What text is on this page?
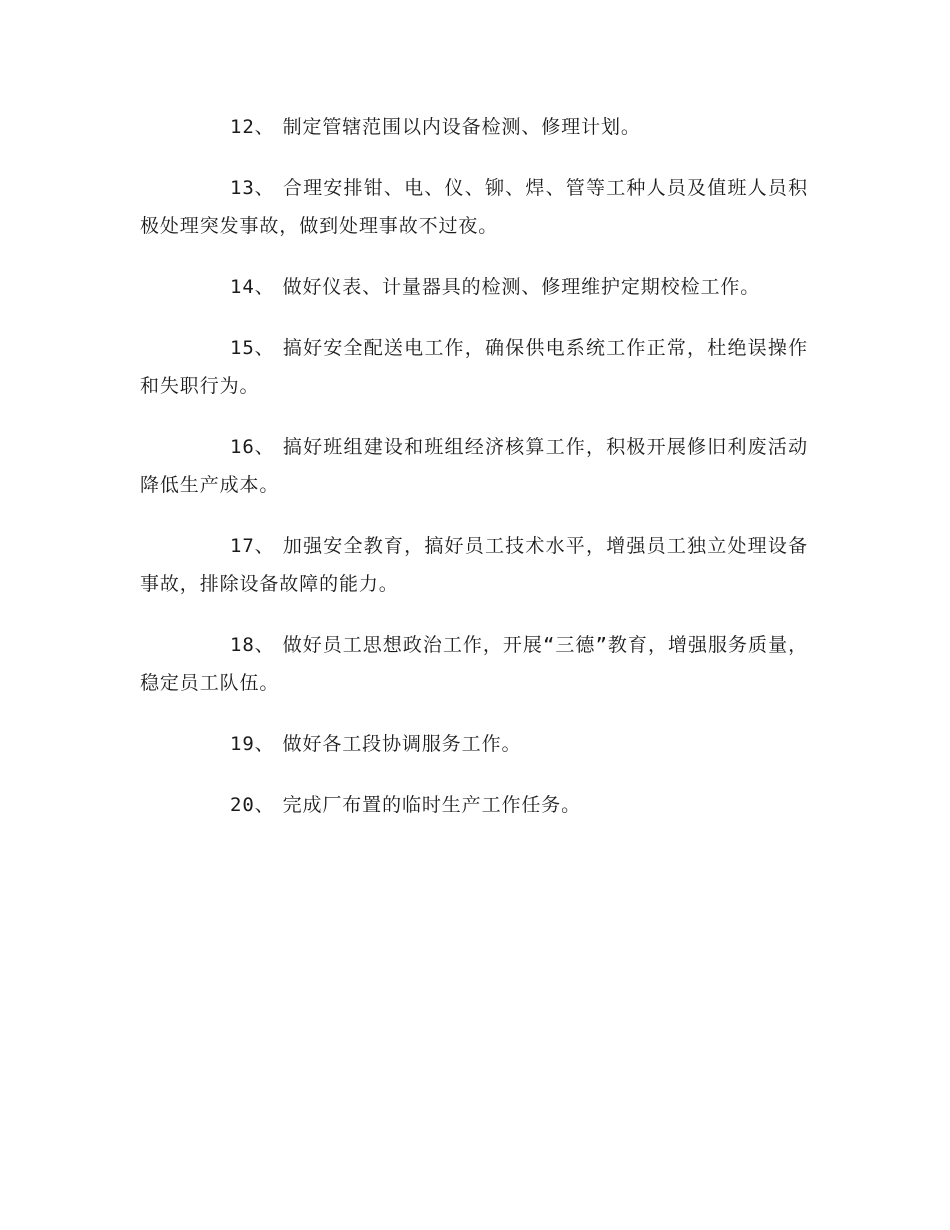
12、 制定管辖范围以内设备检测、修理计划。

13、 合理安排钳、电、仪、铆、焊、管等工种人员及值班人员积极处理突发事故，做到处理事故不过夜。

14、 做好仪表、计量器具的检测、修理维护定期校检工作。

15、 搞好安全配送电工作，确保供电系统工作正常，杜绝误操作和失职行为。

16、 搞好班组建设和班组经济核算工作，积极开展修旧利废活动降低生产成本。

17、 加强安全教育，搞好员工技术水平，增强员工独立处理设备事故，排除设备故障的能力。

18、 做好员工思想政治工作，开展“三德”教育，增强服务质量，稳定员工队伍。

19、 做好各工段协调服务工作。

20、 完成厂布置的临时生产工作任务。
